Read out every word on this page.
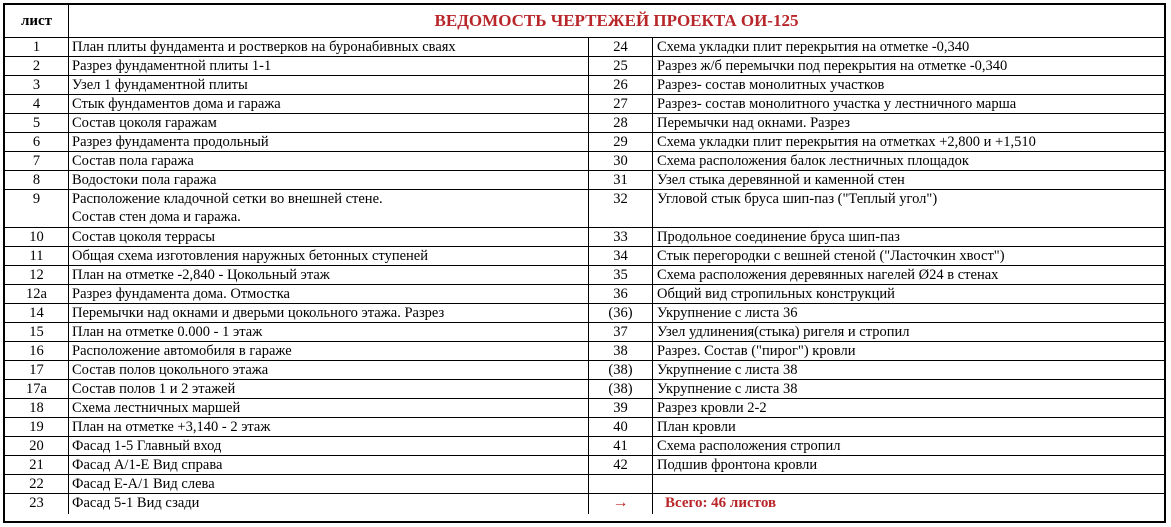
лист	ВЕДОМОСТЬ ЧЕРТЕЖЕЙ ПРОЕКТА ОИ-125
1	План плиты фундамента и ростверков на буронабивных сваях	24	Схема укладки плит перекрытия на отметке -0,340
2	Разрез фундаментной плиты 1-1	25	Разрез ж/б перемычки под перекрытия на отметке -0,340
3	Узел 1 фундаментной плиты	26	Разрез- состав монолитных участков
4	Стык фундаментов дома и гаража	27	Разрез- состав монолитного участка у лестничного марша
5	Состав цоколя гаражам	28	Перемычки над окнами. Разрез
6	Разрез фундамента продольный	29	Схема укладки плит перекрытия на отметках +2,800 и +1,510
7	Состав пола гаража	30	Схема расположения балок лестничных площадок
8	Водостоки пола гаража	31	Узел стыка деревянной и каменной стен
9	Расположение кладочной сетки во внешней стене.
Состав стен дома и гаража.
32	Угловой стык бруса шип-паз ("Теплый угол")
10	Состав цоколя террасы	33	Продольное соединение бруса шип-паз
11	Общая схема изготовления наружных бетонных ступеней	34	Стык перегородки с вешней стеной ("Ласточкин хвост")
12	План на отметке -2,840 - Цокольный этаж	35	Схема расположения деревянных нагелей Ø24 в стенах
12а	Разрез фундамента дома. Отмостка	36	Общий вид стропильных конструкций
14	Перемычки над окнами и дверьми цокольного этажа. Разрез	(36)	Укрупнение с листа 36
15	План на отметке 0.000 - 1 этаж	37	Узел удлинения(стыка) ригеля и стропил
16	Расположение автомобиля в гараже	38	Разрез. Состав ("пирог") кровли
17	Состав полов цокольного этажа	(38)	Укрупнение с листа 38
17а	Состав полов 1 и 2 этажей	(38)	Укрупнение с листа 38
18	Схема лестничных маршей	39	Разрез кровли 2-2
19	План на отметке +3,140 - 2 этаж	40	План кровли
20	Фасад 1-5 Главный вход	41	Схема расположения стропил
21	Фасад А/1-Е Вид справа	42	Подшив фронтона кровли
22	Фасад Е-А/1 Вид слева
23	Фасад 5-1 Вид сзади	→	Всего: 46 листов
